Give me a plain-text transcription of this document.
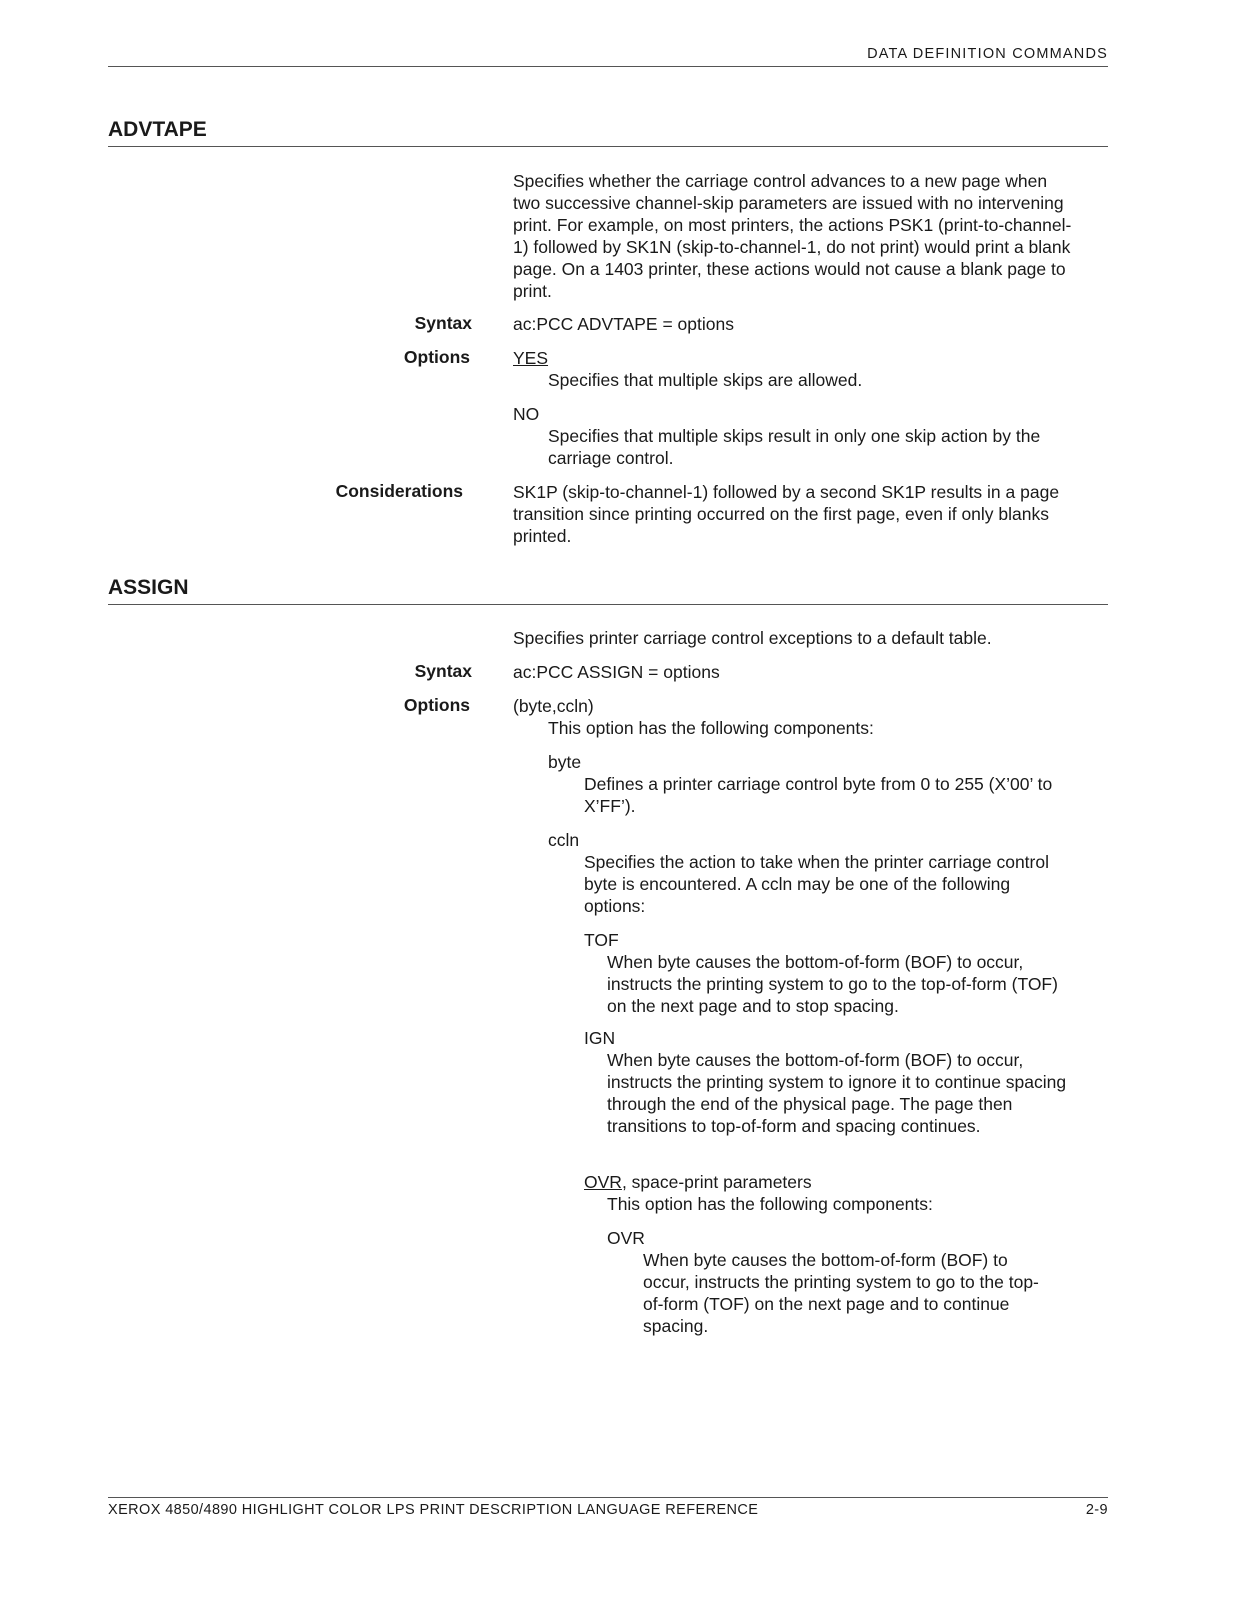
DATA DEFINITION COMMANDS
ADVTAPE
Specifies whether the carriage control advances to a new page when two successive channel-skip parameters are issued with no intervening print. For example, on most printers, the actions PSK1 (print-to-channel-1) followed by SK1N (skip-to-channel-1, do not print) would print a blank page. On a 1403 printer, these actions would not cause a blank page to print.
Syntax ac:PCC ADVTAPE = options
Options YES
Specifies that multiple skips are allowed.
NO
Specifies that multiple skips result in only one skip action by the carriage control.
Considerations	SK1P (skip-to-channel-1) followed by a second SK1P results in a page transition since printing occurred on the first page, even if only blanks printed.
ASSIGN
Specifies printer carriage control exceptions to a default table.
Syntax ac:PCC ASSIGN = options
Options (byte,ccln)
This option has the following components:
byte
Defines a printer carriage control byte from 0 to 255 (X’00’ to X’FF’).
ccln
Specifies the action to take when the printer carriage control byte is encountered. A ccln may be one of the following options:
TOF
When byte causes the bottom-of-form (BOF) to occur, instructs the printing system to go to the top-of-form (TOF) on the next page and to stop spacing.
IGN
When byte causes the bottom-of-form (BOF) to occur, instructs the printing system to ignore it to continue spacing through the end of the physical page. The page then transitions to top-of-form and spacing continues.
OVR, space-print parameters
This option has the following components:
OVR
When byte causes the bottom-of-form (BOF) to occur, instructs the printing system to go to the top-of-form (TOF) on the next page and to continue spacing.
XEROX 4850/4890 HIGHLIGHT COLOR LPS PRINT DESCRIPTION LANGUAGE REFERENCE	2-9
